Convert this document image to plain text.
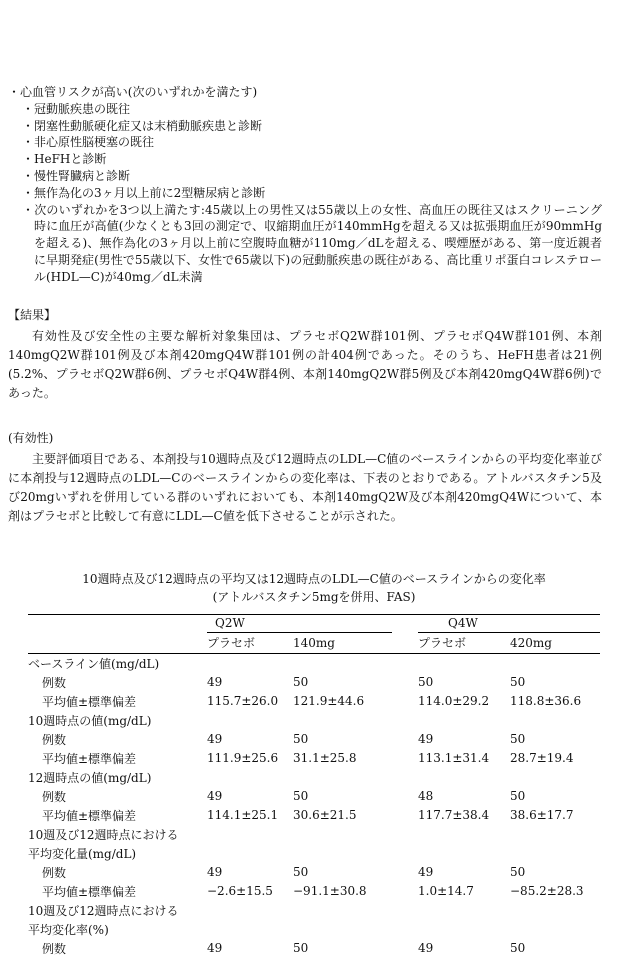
・心血管リスクが高い(次のいずれかを満たす)
・冠動脈疾患の既往
・閉塞性動脈硬化症又は末梢動脈疾患と診断
・非心原性脳梗塞の既往
・HeFHと診断
・慢性腎臓病と診断
・無作為化の3ヶ月以上前に2型糖尿病と診断
・次のいずれかを3つ以上満たす:45歳以上の男性又は55歳以上の女性、高血圧の既往又はスクリーニング時に血圧が高値(少なくとも3回の測定で、収縮期血圧が140mmHgを超える又は拡張期血圧が90mmHgを超える)、無作為化の3ヶ月以上前に空腹時血糖が110mg／dLを超える、喫煙歴がある、第一度近親者に早期発症(男性で55歳以下、女性で65歳以下)の冠動脈疾患の既往がある、高比重リポ蛋白コレステロール(HDL—C)が40mg／dL未満
【結果】

有効性及び安全性の主要な解析対象集団は、プラセボQ2W群101例、プラセボQ4W群101例、本剤140mgQ2W群101例及び本剤420mgQ4W群101例の計404例であった。そのうち、HeFH患者は21例(5.2%、プラセボQ2W群6例、プラセボQ4W群4例、本剤140mgQ2W群5例及び本剤420mgQ4W群6例)であった。

(有効性)

主要評価項目である、本剤投与10週時点及び12週時点のLDL—C値のベースラインからの平均変化率並びに本剤投与12週時点のLDL—Cのベースラインからの変化率は、下表のとおりである。アトルバスタチン5及び20mgいずれを併用している群のいずれにおいても、本剤140mgQ2W及び本剤420mgQ4Wについて、本剤はプラセボと比較して有意にLDL—C値を低下させることが示された。

10週時点及び12週時点の平均又は12週時点のLDL—C値のベースラインからの変化率
(アトルバスタチン5mgを併用、FAS)

	Q2W		Q4W	

	プラセボ	140mg	プラセボ	420mg
ベースライン値(mg/dL)				
例数	49	50	50	50
平均値±標準偏差	115.7±26.0	121.9±44.6	114.0±29.2	118.8±36.6
10週時点の値(mg/dL)				
例数	49	50	49	50
平均値±標準偏差	111.9±25.6	31.1±25.8	113.1±31.4	28.7±19.4
12週時点の値(mg/dL)				
例数	49	50	48	50
平均値±標準偏差	114.1±25.1	30.6±21.5	117.7±38.4	38.6±17.7
10週及び12週時点における				
平均変化量(mg/dL)				
例数	49	50	49	50
平均値±標準偏差	−2.6±15.5	−91.1±30.8	1.0±14.7	−85.2±28.3
10週及び12週時点における				
平均変化率(%)				
例数	49	50	49	50
